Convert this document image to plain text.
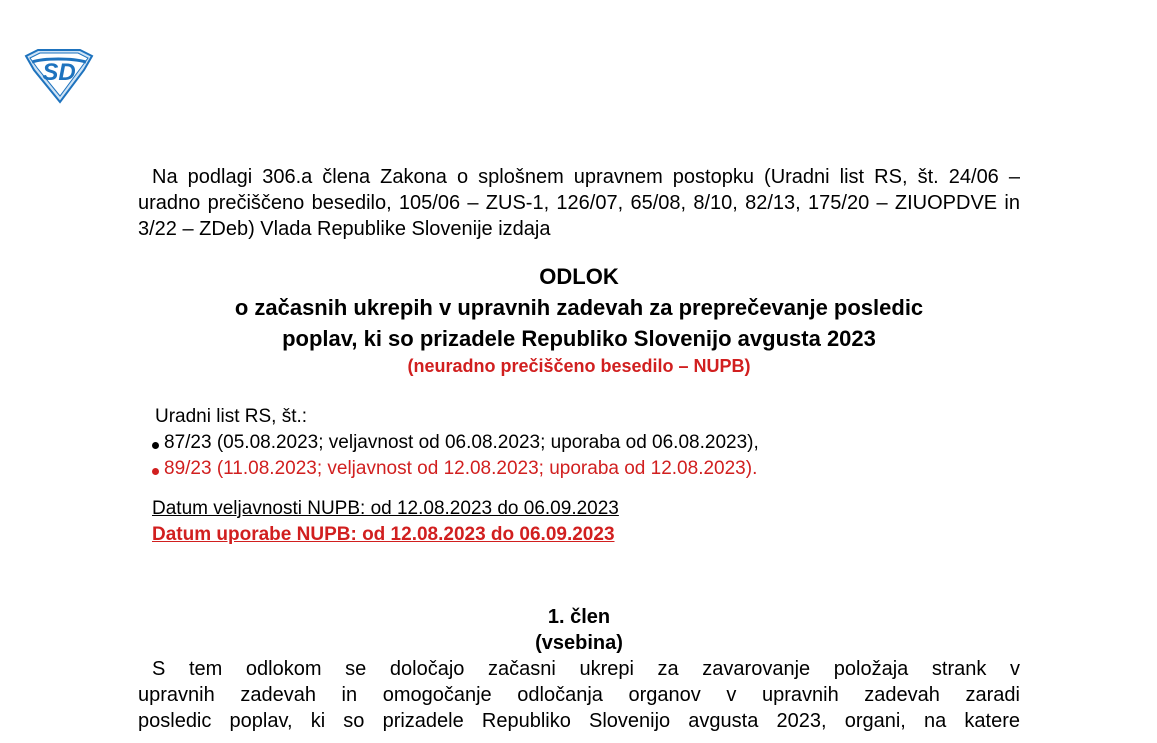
SD

Na podlagi 306.a člena Zakona o splošnem upravnem postopku (Uradni list RS, št. 24/06 – uradno prečiščeno besedilo, 105/06 – ZUS-1, 126/07, 65/08, 8/10, 82/13, 175/20 – ZIUOPDVE in 3/22 – ZDeb) Vlada Republike Slovenije izdaja

ODLOK

o začasnih ukrepih v upravnih zadevah za preprečevanje posledic

poplav, ki so prizadele Republiko Slovenijo avgusta 2023

(neuradno prečiščeno besedilo – NUPB)

Uradni list RS, št.:

87/23 (05.08.2023; veljavnost od 06.08.2023; uporaba od 06.08.2023),
89/23 (11.08.2023; veljavnost od 12.08.2023; uporaba od 12.08.2023).

Datum veljavnosti NUPB: od 12.08.2023 do 06.09.2023

Datum uporabe NUPB: od 12.08.2023 do 06.09.2023

1. člen

(vsebina)

S tem odlokom se določajo začasni ukrepi za zavarovanje položaja strank v

upravnih zadevah in omogočanje odločanja organov v upravnih zadevah zaradi

posledic poplav, ki so prizadele Republiko Slovenijo avgusta 2023, organi, na katere
